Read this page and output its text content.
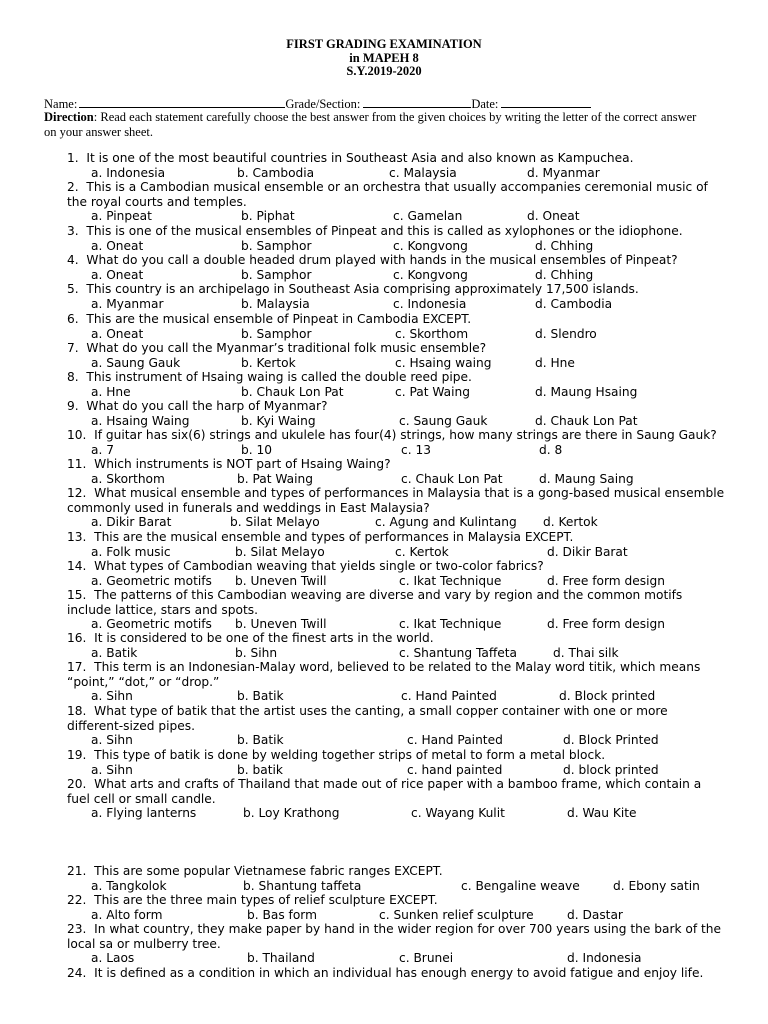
FIRST GRADING EXAMINATION
in MAPEH 8
S.Y.2019-2020
Name:	Grade/Section:	Date:
Direction: Read each statement carefully choose the best answer from the given choices by writing the letter of the correct answer on your answer sheet.
1. It is one of the most beautiful countries in Southeast Asia and also known as Kampuchea.
a. Indonesia	b. Cambodia	c. Malaysia	d. Myanmar
2. This is a Cambodian musical ensemble or an orchestra that usually accompanies ceremonial music of the royal courts and temples.
a. Pinpeat	b. Piphat	c. Gamelan	d. Oneat
3. This is one of the musical ensembles of Pinpeat and this is called as xylophones or the idiophone.
a. Oneat	b. Samphor	c. Kongvong	d. Chhing
4. What do you call a double headed drum played with hands in the musical ensembles of Pinpeat?
a. Oneat	b. Samphor	c. Kongvong	d. Chhing
5. This country is an archipelago in Southeast Asia comprising approximately 17,500 islands.
a. Myanmar	b. Malaysia	c. Indonesia	d. Cambodia
6. This are the musical ensemble of Pinpeat in Cambodia EXCEPT.
a. Oneat	b. Samphor	c. Skorthom	d. Slendro
7. What do you call the Myanmar’s traditional folk music ensemble?
a. Saung Gauk	b. Kertok	c. Hsaing waing	d. Hne
8. This instrument of Hsaing waing is called the double reed pipe.
a. Hne	b. Chauk Lon Pat	c. Pat Waing	d. Maung Hsaing
9. What do you call the harp of Myanmar?
a. Hsaing Waing	b. Kyi Waing	c. Saung Gauk	d. Chauk Lon Pat
10. If guitar has six(6) strings and ukulele has four(4) strings, how many strings are there in Saung Gauk?
a. 7	b. 10	c. 13	d. 8
11. Which instruments is NOT part of Hsaing Waing?
a. Skorthom	b. Pat Waing	c. Chauk Lon Pat	d. Maung Saing
12. What musical ensemble and types of performances in Malaysia that is a gong-based musical ensemble commonly used in funerals and weddings in East Malaysia?
a. Dikir Barat	b. Silat Melayo	c. Agung and Kulintang d. Kertok
13. This are the musical ensemble and types of performances in Malaysia EXCEPT.
a. Folk music	b. Silat Melayo	c. Kertok	d. Dikir Barat
14. What types of Cambodian weaving that yields single or two-color fabrics?
a. Geometric motifs b. Uneven Twill	c. Ikat Technique	d. Free form design
15. The patterns of this Cambodian weaving are diverse and vary by region and the common motifs include lattice, stars and spots.
a. Geometric motifs b. Uneven Twill	c. Ikat Technique	d. Free form design
16. It is considered to be one of the finest arts in the world.
a. Batik	b. Sihn	c. Shantung Taffeta	d. Thai silk
17. This term is an Indonesian-Malay word, believed to be related to the Malay word titik, which means “point,” “dot,” or “drop.”
a. Sihn	b. Batik	c. Hand Painted	d. Block printed
18. What type of batik that the artist uses the canting, a small copper container with one or more different-sized pipes.
a. Sihn	b. Batik	c. Hand Painted	d. Block Printed
19. This type of batik is done by welding together strips of metal to form a metal block.
a. Sihn	b. batik	c. hand painted	d. block printed
20. What arts and crafts of Thailand that made out of rice paper with a bamboo frame, which contain a fuel cell or small candle.
a. Flying lanterns	b. Loy Krathong	c. Wayang Kulit	d. Wau Kite
21. This are some popular Vietnamese fabric ranges EXCEPT.
a. Tangkolok	b. Shantung taffeta	c. Bengaline weave	d. Ebony satin
22. This are the three main types of relief sculpture EXCEPT.
a. Alto form	b. Bas form	c. Sunken relief sculpture	d. Dastar
23. In what country, they make paper by hand in the wider region for over 700 years using the bark of the local sa or mulberry tree.
a. Laos	b. Thailand	c. Brunei	d. Indonesia
24. It is defined as a condition in which an individual has enough energy to avoid fatigue and enjoy life.
